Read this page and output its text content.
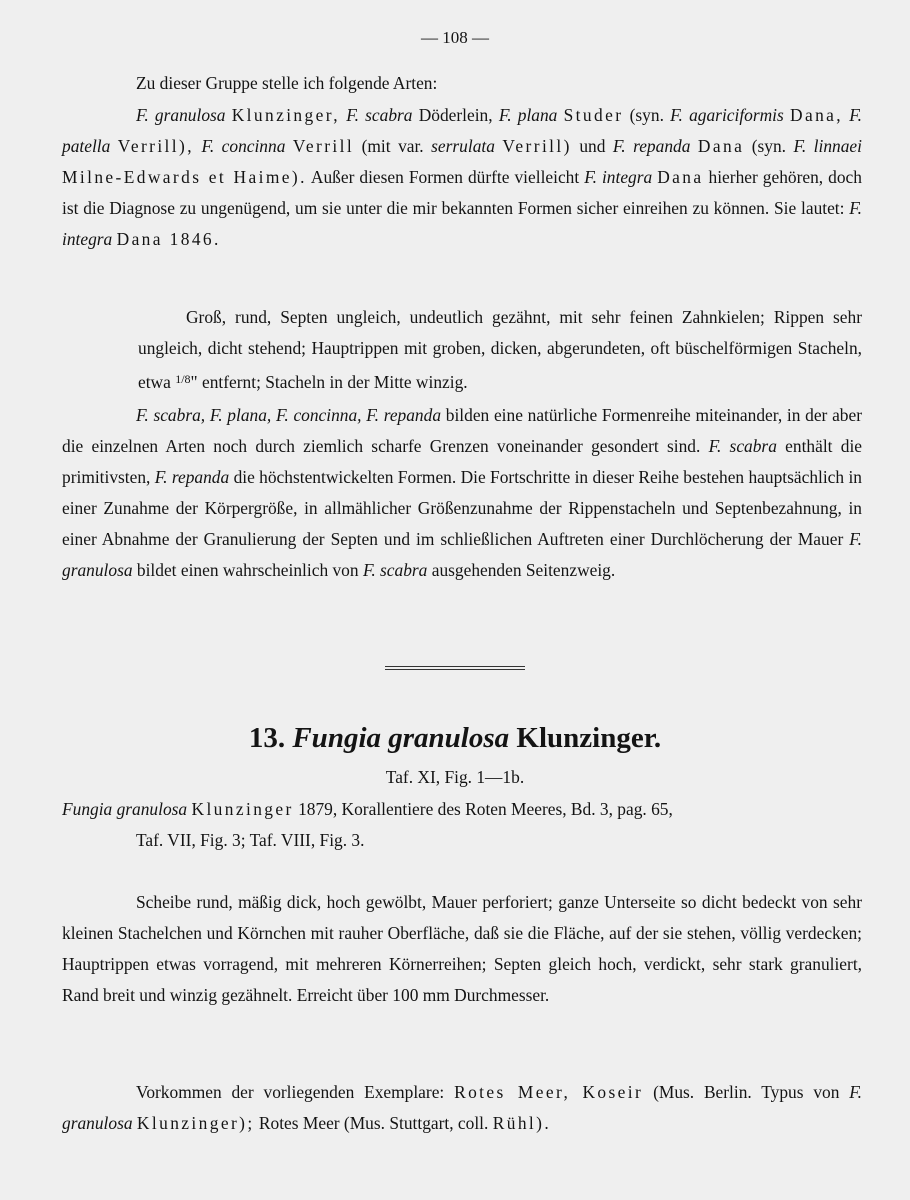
— 108 —

Zu dieser Gruppe stelle ich folgende Arten:

F. granulosa Klunzinger, F. scabra Döderlein, F. plana Studer (syn. F. agariciformis Dana, F. patella Verrill), F. concinna Verrill (mit var. serrulata Verrill) und F. repanda Dana (syn. F. linnaei Milne-Edwards et Haime). Außer diesen Formen dürfte vielleicht F. integra Dana hierher gehören, doch ist die Diagnose zu ungenügend, um sie unter die mir bekannten Formen sicher einreihen zu können. Sie lautet: F. integra Dana 1846.

Groß, rund, Septen ungleich, undeutlich gezähnt, mit sehr feinen Zahnkielen; Rippen sehr ungleich, dicht stehend; Hauptrippen mit groben, dicken, abgerundeten, oft büschelförmigen Stacheln, etwa $^{1/8}$" entfernt; Stacheln in der Mitte winzig.

F. scabra, F. plana, F. concinna, F. repanda bilden eine natürliche Formenreihe miteinander, in der aber die einzelnen Arten noch durch ziemlich scharfe Grenzen voneinander gesondert sind. F. scabra enthält die primitivsten, F. repanda die höchstentwickelten Formen. Die Fortschritte in dieser Reihe bestehen hauptsächlich in einer Zunahme der Körpergröße, in allmählicher Größenzunahme der Rippenstacheln und Septenbezahnung, in einer Abnahme der Granulierung der Septen und im schließlichen Auftreten einer Durchlöcherung der Mauer F. granulosa bildet einen wahrscheinlich von F. scabra ausgehenden Seitenzweig.

13. Fungia granulosa Klunzinger.
Taf. XI, Fig. 1—1b.
Fungia granulosa Klunzinger 1879, Korallentiere des Roten Meeres, Bd. 3, pag. 65,
Taf. VII, Fig. 3; Taf. VIII, Fig. 3.

Scheibe rund, mäßig dick, hoch gewölbt, Mauer perforiert; ganze Unterseite so dicht bedeckt von sehr kleinen Stachelchen und Körnchen mit rauher Oberfläche, daß sie die Fläche, auf der sie stehen, völlig verdecken; Hauptrippen etwas vorragend, mit mehreren Körnerreihen; Septen gleich hoch, verdickt, sehr stark granuliert, Rand breit und winzig gezähnelt. Erreicht über 100 mm Durchmesser.

Vorkommen der vorliegenden Exemplare: Rotes Meer, Koseir (Mus. Berlin. Typus von F. granulosa Klunzinger); Rotes Meer (Mus. Stuttgart, coll. Rühl).
